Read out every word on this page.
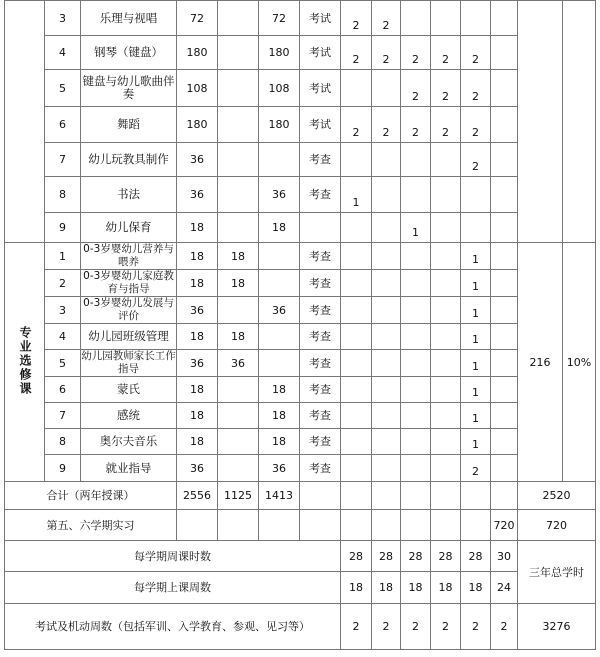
	3	乐理与视唱	72		72	考试	2	2						
	4	钢琴（键盘）	180		180	考试	2	2	2	2	2			
	5	键盘与幼儿歌曲伴奏	108		108	考试			2	2	2			
	6	舞蹈	180		180	考试	2	2	2	2	2			
	7	幼儿玩教具制作	36			考查					2			
	8	书法	36		36	考查	1							
	9	幼儿保育	18		18				1					
专业选修课	1	0-3岁婴幼儿营养与喂养	18	18		考查					1		216	10%
	2	0-3岁婴幼儿家庭教育与指导	18	18		考查					1			
	3	0-3岁婴幼儿发展与评价	36		36	考查					1			
	4	幼儿园班级管理	18	18		考查					1			
	5	幼儿园教师家长工作指导	36	36		考查					1			
	6	蒙氏	18		18	考查					1			
	7	感统	18		18	考查					1			
	8	奥尔夫音乐	18		18	考查					1			
	9	就业指导	36		36	考查					2			
合计（两年授课）			2556	1125	1413								2520	
第五、六学期实习												720	720	
每学期周课时数							28	28	28	28	28	30	三年总学时	
每学期上课周数							18	18	18	18	18	24		
考试及机动周数（包括军训、入学教育、参观、见习等）							2	2	2	2	2	2	3276	
